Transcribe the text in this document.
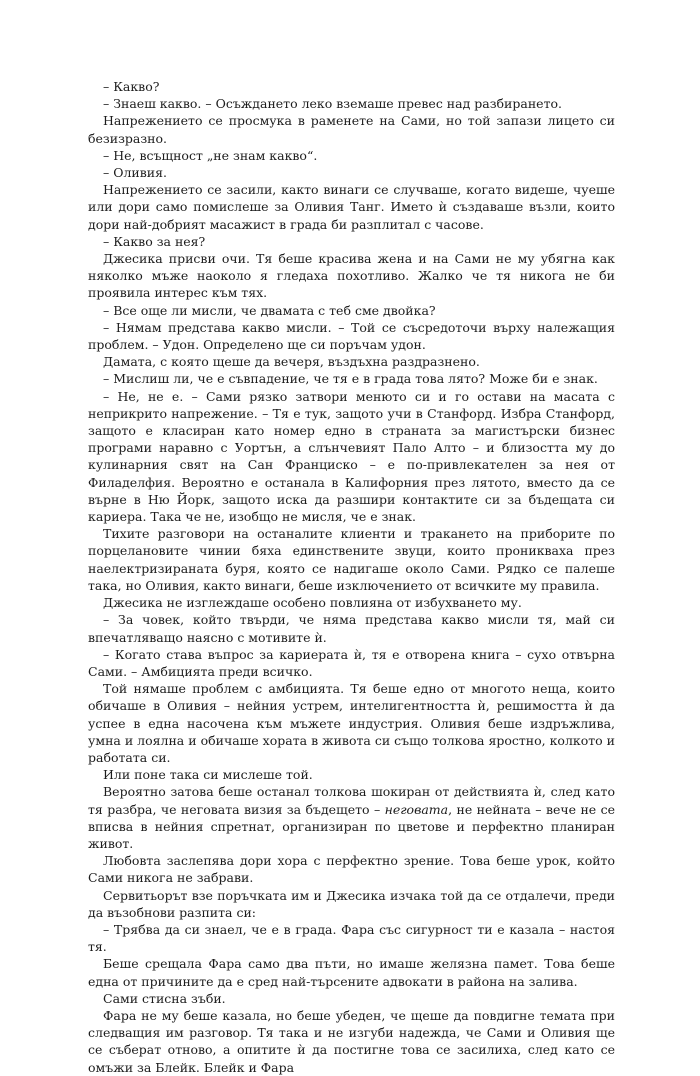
– Какво?

– Знаеш какво. – Осъждането леко вземаше превес над разбирането.

Напрежението се просмука в раменете на Сами, но той запази лицето си безизразно.

– Не, всъщност „не знам какво“.

– Оливия.

Напрежението се засили, както винаги се случваше, когато видеше, чуеше или дори само помислеше за Оливия Танг. Името ѝ създаваше възли, които дори най-добрият масажист в града би разплитал с часове.

– Какво за нея?

Джесика присви очи. Тя беше красива жена и на Сами не му убягна как няколко мъже наоколо я гледаха похотливо. Жалко че тя никога не би проявила интерес към тях.

– Все още ли мисли, че двамата с теб сме двойка?

– Нямам представа какво мисли. – Той се съсредоточи върху належащия проблем. – Удон. Определено ще си поръчам удон.

Дамата, с която щеше да вечеря, въздъхна раздразнено.

– Мислиш ли, че е съвпадение, че тя е в града това лято? Може би е знак.

– Не, не е. – Сами рязко затвори менюто си и го остави на масата с неприкрито напрежение. – Тя е тук, защото учи в Станфорд. Избра Станфорд, защото е класиран като номер едно в страната за магистърски бизнес програми наравно с Уортън, а слънчевият Пало Алто – и близостта му до кулинарния свят на Сан Франциско – е по-привлекателен за нея от Филаделфия. Вероятно е останала в Калифорния през лятото, вместо да се върне в Ню Йорк, защото иска да разшири контактите си за бъдещата си кариера. Така че не, изобщо не мисля, че е знак.

Тихите разговори на останалите клиенти и тракането на приборите по порцелановите чинии бяха единствените звуци, които проникваха през наелектризираната буря, която се надигаше около Сами. Рядко се палеше така, но Оливия, както винаги, беше изключението от всичките му правила.

Джесика не изглеждаше особено повлияна от избухването му.

– За човек, който твърди, че няма представа какво мисли тя, май си впечатляващо наясно с мотивите ѝ.

– Когато става въпрос за кариерата ѝ, тя е отворена книга – сухо отвърна Сами. – Амбицията преди всичко.

Той нямаше проблем с амбицията. Тя беше едно от многото неща, които обичаше в Оливия – нейния устрем, интелигентността ѝ, решимостта ѝ да успее в една насочена към мъжете индустрия. Оливия беше издръжлива, умна и лоялна и обичаше хората в живота си също толкова яростно, колкото и работата си.

Или поне така си мислеше той.

Вероятно затова беше останал толкова шокиран от действията ѝ, след като тя разбра, че неговата визия за бъдещето – неговата, не нейната – вече не се вписва в нейния спретнат, организиран по цветове и перфектно планиран живот.

Любовта заслепява дори хора с перфектно зрение. Това беше урок, който Сами никога не забрави.

Сервитьорът взе поръчката им и Джесика изчака той да се отдалечи, преди да възобнови разпита си:

– Трябва да си знаел, че е в града. Фара със сигурност ти е казала – настоя тя.

Беше срещала Фара само два пъти, но имаше желязна памет. Това беше една от причините да е сред най-търсените адвокати в района на залива.

Сами стисна зъби.

Фара не му беше казала, но беше убеден, че щеше да повдигне темата при следващия им разговор. Тя така и не изгуби надежда, че Сами и Оливия ще се съберат отново, а опитите ѝ да постигне това се засилиха, след като се омъжи за Блейк. Блейк и Фара
